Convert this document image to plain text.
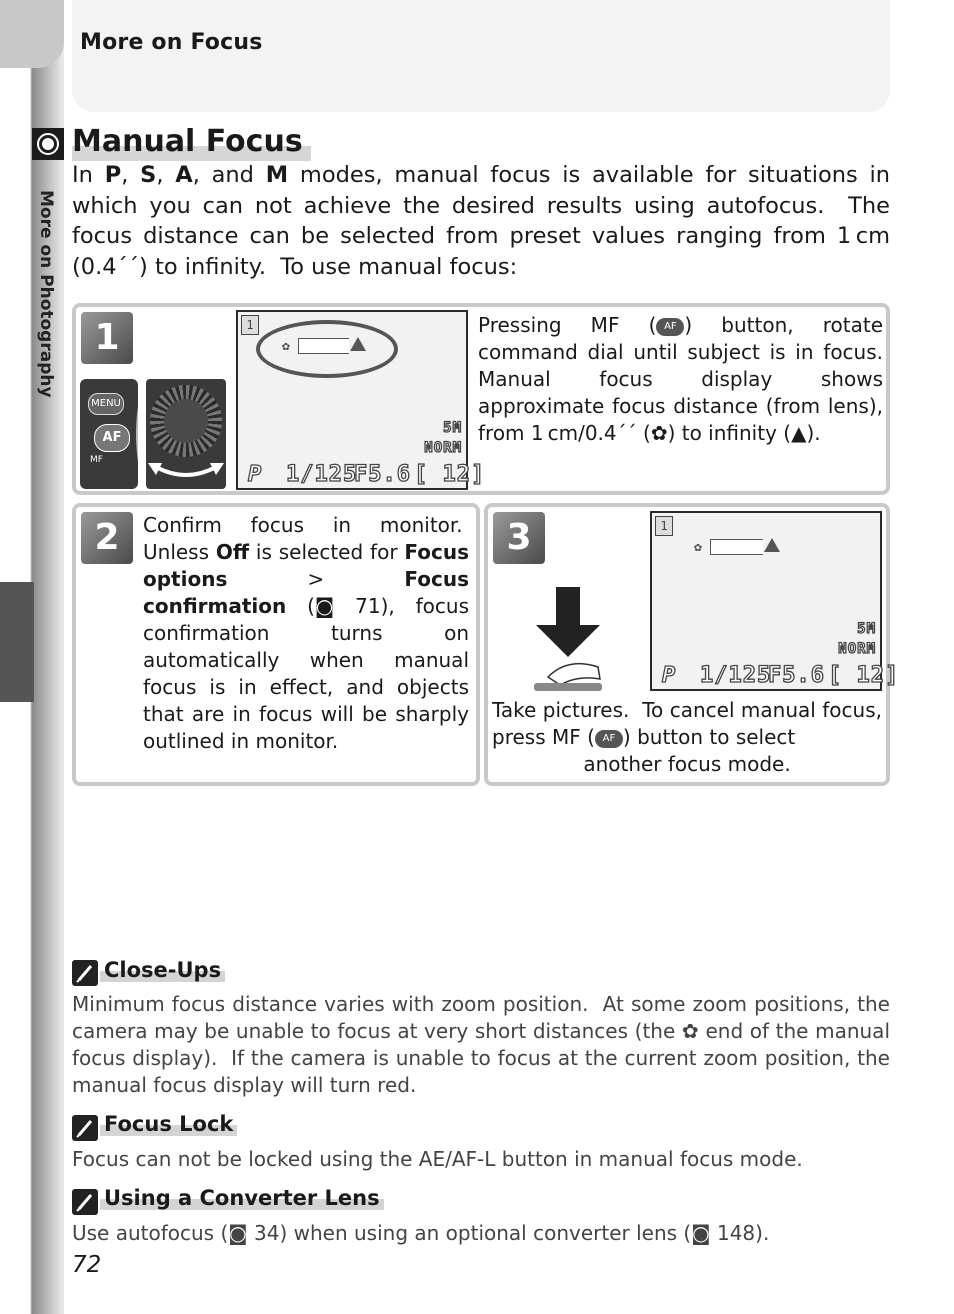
More on Photography
More on Focus
Manual Focus
In P, S, A, and M modes, manual focus is available for situations in which you can not achieve the desired results using autofocus.  The focus distance can be selected from preset values ranging from 1 cm (0.4´´) to infinity.  To use manual focus:
1
MENU
AF
MF
1
✿
5M
NORM
P 1/125
F5.6 [ 12]
Pressing MF ( AF ) button, rotate command dial until subject is in focus. Manual focus display shows approximate focus distance (from lens), from 1 cm/0.4´´ (✿) to infinity (▲).
2	Confirm focus in monitor.  Unless Off is selected for Focus options > Focus confirmation (◙ 71), focus confirmation turns on automatically when manual focus is in effect, and objects that are in focus will be sharply outlined in monitor.
3	1
✿
5M
NORM
P 1/125
F5.6 [ 12]
Take pictures.  To cancel manual focus, press MF ( AF ) button to select
another focus mode.
Close-Ups
Minimum focus distance varies with zoom position.  At some zoom positions, the camera may be unable to focus at very short distances (the ✿ end of the manual focus display).  If the camera is unable to focus at the current zoom position, the manual focus display will turn red.
Focus Lock
Focus can not be locked using the AE/AF-L button in manual focus mode.
Using a Converter Lens
Use autofocus (◙ 34) when using an optional converter lens (◙ 148).
72
